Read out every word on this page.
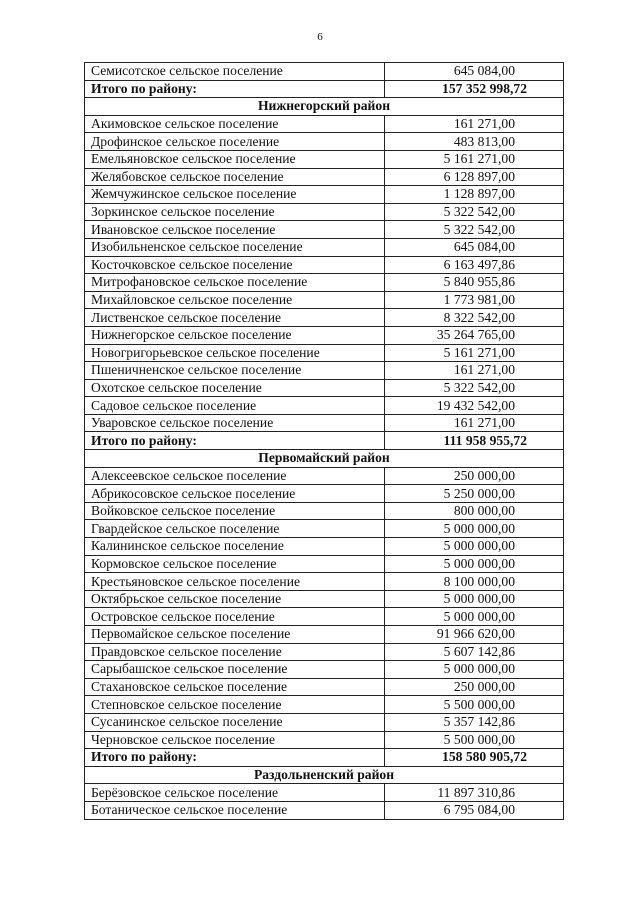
6
Семисотское сельское поселение	645 084,00
Итого по району:	157 352 998,72
Нижнегорский район	
Акимовское сельское поселение	161 271,00
Дрофинское сельское поселение	483 813,00
Емельяновское сельское поселение	5 161 271,00
Желябовское сельское поселение	6 128 897,00
Жемчужинское сельское поселение	1 128 897,00
Зоркинское сельское поселение	5 322 542,00
Ивановское сельское поселение	5 322 542,00
Изобильненское сельское поселение	645 084,00
Косточковское сельское поселение	6 163 497,86
Митрофановское сельское поселение	5 840 955,86
Михайловское сельское поселение	1 773 981,00
Лиственское сельское поселение	8 322 542,00
Нижнегорское сельское поселение	35 264 765,00
Новогригорьевское сельское поселение	5 161 271,00
Пшеничненское сельское поселение	161 271,00
Охотское сельское поселение	5 322 542,00
Садовое сельское поселение	19 432 542,00
Уваровское сельское поселение	161 271,00
Итого по району:	111 958 955,72
Первомайский район	
Алексеевское сельское поселение	250 000,00
Абрикосовское сельское поселение	5 250 000,00
Войковское сельское поселение	800 000,00
Гвардейское сельское поселение	5 000 000,00
Калининское сельское поселение	5 000 000,00
Кормовское сельское поселение	5 000 000,00
Крестьяновское сельское поселение	8 100 000,00
Октябрьское сельское поселение	5 000 000,00
Островское сельское поселение	5 000 000,00
Первомайское сельское поселение	91 966 620,00
Правдовское сельское поселение	5 607 142,86
Сарыбашское сельское поселение	5 000 000,00
Стахановское сельское поселение	250 000,00
Степновское сельское поселение	5 500 000,00
Сусанинское сельское поселение	5 357 142,86
Черновское сельское поселение	5 500 000,00
Итого по району:	158 580 905,72
Раздольненский район	
Берёзовское сельское поселение	11 897 310,86
Ботаническое сельское поселение	6 795 084,00
